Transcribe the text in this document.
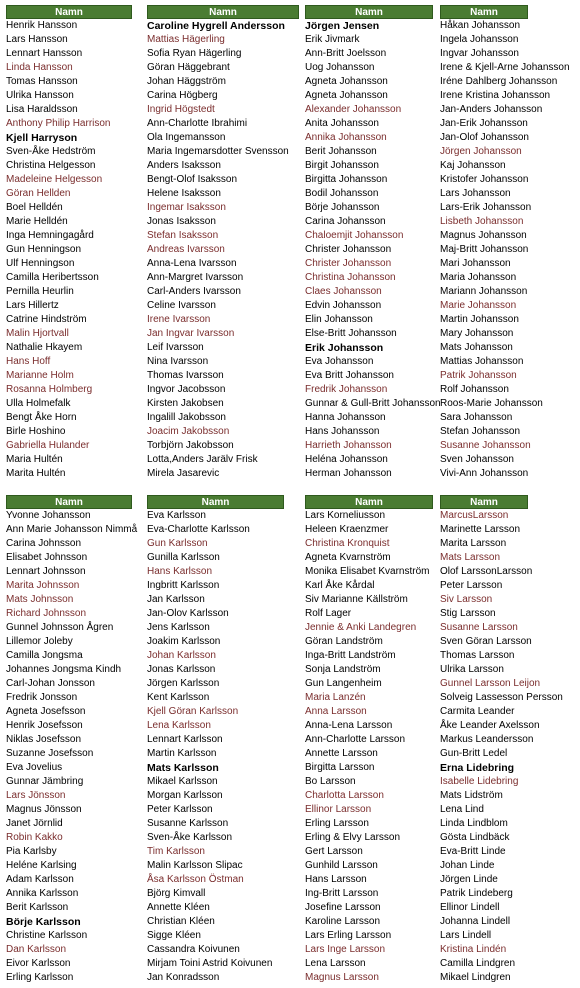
Namn
Henrik Hansson
Lars Hansson
Lennart Hansson
Linda Hansson
Tomas Hansson
Ulrika Hansson
Lisa Haraldsson
Anthony Philip Harrison
Kjell Harryson
Sven-Åke Hedström
Christina Helgesson
Madeleine Helgesson
Göran Hellden
Boel Helldén
Marie Helldén
Inga Hemningagård
Gun Henningson
Ulf Henningson
Camilla Heribertsson
Pernilla Heurlin
Lars Hillertz
Catrine Hindström
Malin Hjortvall
Nathalie Hkayem
Hans Hoff
Marianne Holm
Rosanna Holmberg
Ulla Holmefalk
Bengt Åke Horn
Birle Hoshino
Gabriella Hulander
Maria Hultén
Marita Hultén
Namn
Caroline Hygrell Andersson
Mattias Hägerling
Sofia Ryan Hägerling
Göran Häggebrant
Johan Häggström
Carina Högberg
Ingrid Högstedt
Ann-Charlotte Ibrahimi
Ola Ingemansson
Maria Ingemarsdotter Svensson
Anders Isaksson
Bengt-Olof Isaksson
Helene Isaksson
Ingemar Isaksson
Jonas Isaksson
Stefan Isaksson
Andreas Ivarsson
Anna-Lena Ivarsson
Ann-Margret Ivarsson
Carl-Anders Ivarsson
Celine Ivarsson
Irene Ivarsson
Jan Ingvar Ivarsson
Leif Ivarsson
Nina Ivarsson
Thomas Ivarsson
Ingvor Jacobsson
Kirsten Jakobsen
Ingalill Jakobsson
Joacim Jakobsson
Torbjörn Jakobsson
Lotta,Anders Jarälv Frisk
Mirela Jasarevic
Namn
Jörgen Jensen
Erik Jivmark
Ann-Britt Joelsson
Uog Johansson
Agneta Johansson
Agneta Johansson
Alexander Johansson
Anita Johansson
Annika Johansson
Berit Johansson
Birgit Johansson
Birgitta Johansson
Bodil Johansson
Börje Johansson
Carina Johansson
Chaloemjit Johansson
Christer Johansson
Christer Johansson
Christina Johansson
Claes Johansson
Edvin Johansson
Elin Johansson
Else-Britt Johansson
Erik Johansson
Eva Johansson
Eva Britt Johansson
Fredrik Johansson
Gunnar & Gull-Britt Johansson
Hanna Johansson
Hans Johansson
Harrieth Johansson
Heléna Johansson
Herman Johansson
Namn
Håkan Johansson
Ingela Johansson
Ingvar Johansson
Irene & Kjell-Arne Johansson
Iréne Dahlberg Johansson
Irene Kristina Johansson
Jan-Anders Johansson
Jan-Erik Johansson
Jan-Olof Johansson
Jörgen Johansson
Kaj Johansson
Kristofer Johansson
Lars Johansson
Lars-Erik Johansson
Lisbeth Johansson
Magnus Johansson
Maj-Britt Johansson
Mari Johansson
Maria Johansson
Mariann Johansson
Marie Johansson
Martin Johansson
Mary Johansson
Mats Johansson
Mattias Johansson
Patrik Johansson
Rolf Johansson
Roos-Marie Johansson
Sara Johansson
Stefan Johansson
Susanne Johansson
Sven Johansson
Vivi-Ann Johansson
Namn
Yvonne Johansson
Ann Marie Johansson Nimmå
Carina Johnsson
Elisabet Johnsson
Lennart Johnsson
Marita Johnsson
Mats Johnsson
Richard Johnsson
Gunnel Johnsson Ågren
Lillemor Joleby
Camilla Jongsma
Johannes Jongsma Kindh
Carl-Johan Jonsson
Fredrik Jonsson
Agneta Josefsson
Henrik Josefsson
Niklas Josefsson
Suzanne Josefsson
Eva Jovelius
Gunnar Jämbring
Lars Jönsson
Magnus Jönsson
Janet Jörnlid
Robin Kakko
Pia Karlsby
Heléne Karlsing
Adam Karlsson
Annika Karlsson
Berit Karlsson
Börje Karlsson
Christine Karlsson
Dan Karlsson
Eivor Karlsson
Erling Karlsson
Namn
Eva Karlsson
Eva-Charlotte Karlsson
Gun Karlsson
Gunilla Karlsson
Hans Karlsson
Ingbritt Karlsson
Jan Karlsson
Jan-Olov Karlsson
Jens Karlsson
Joakim Karlsson
Johan Karlsson
Jonas Karlsson
Jörgen Karlsson
Kent Karlsson
Kjell Göran Karlsson
Lena Karlsson
Lennart Karlsson
Martin Karlsson
Mats Karlsson
Mikael Karlsson
Morgan Karlsson
Peter Karlsson
Susanne Karlsson
Sven-Åke Karlsson
Tim Karlsson
Malin Karlsson Slipac
Åsa Karlsson Östman
Björg Kimvall
Annette Kléen
Christian Kléen
Sigge Kléen
Cassandra Koivunen
Mirjam Toini Astrid Koivunen
Jan Konradsson
Namn
Lars Korneliusson
Heleen Kraenzmer
Christina Kronquist
Agneta Kvarnström
Monika Elisabet Kvarnström
Karl Åke Kårdal
Siv Marianne Källström
Rolf Lager
Jennie & Anki Landegren
Göran Landström
Inga-Britt Landström
Sonja Landström
Gun Langenheim
Maria Lanzén
Anna Larsson
Anna-Lena Larsson
Ann-Charlotte Larsson
Annette Larsson
Birgitta Larsson
Bo Larsson
Charlotta Larsson
Ellinor Larsson
Erling Larsson
Erling & Elvy Larsson
Gert Larsson
Gunhild Larsson
Hans Larsson
Ing-Britt Larsson
Josefine Larsson
Karoline Larsson
Lars Erling Larsson
Lars Inge Larsson
Lena Larsson
Magnus Larsson
Namn
MarcusLarsson
Marinette Larsson
Marita Larsson
Mats Larsson
Olof LarssonLarsson
Peter Larsson
Siv Larsson
Stig Larsson
Susanne Larsson
Sven Göran Larsson
Thomas Larsson
Ulrika Larsson
Gunnel Larsson Leijon
Solveig Lassesson Persson
Carmita Leander
Åke Leander Axelsson
Markus Leandersson
Gun-Britt Ledel
Erna Lidebring
Isabelle Lidebring
Mats Lidström
Lena Lind
Linda Lindblom
Gösta Lindbäck
Eva-Britt Linde
Johan Linde
Jörgen Linde
Patrik Lindeberg
Ellinor Lindell
Johanna Lindell
Lars Lindell
Kristina Lindén
Camilla Lindgren
Mikael Lindgren
